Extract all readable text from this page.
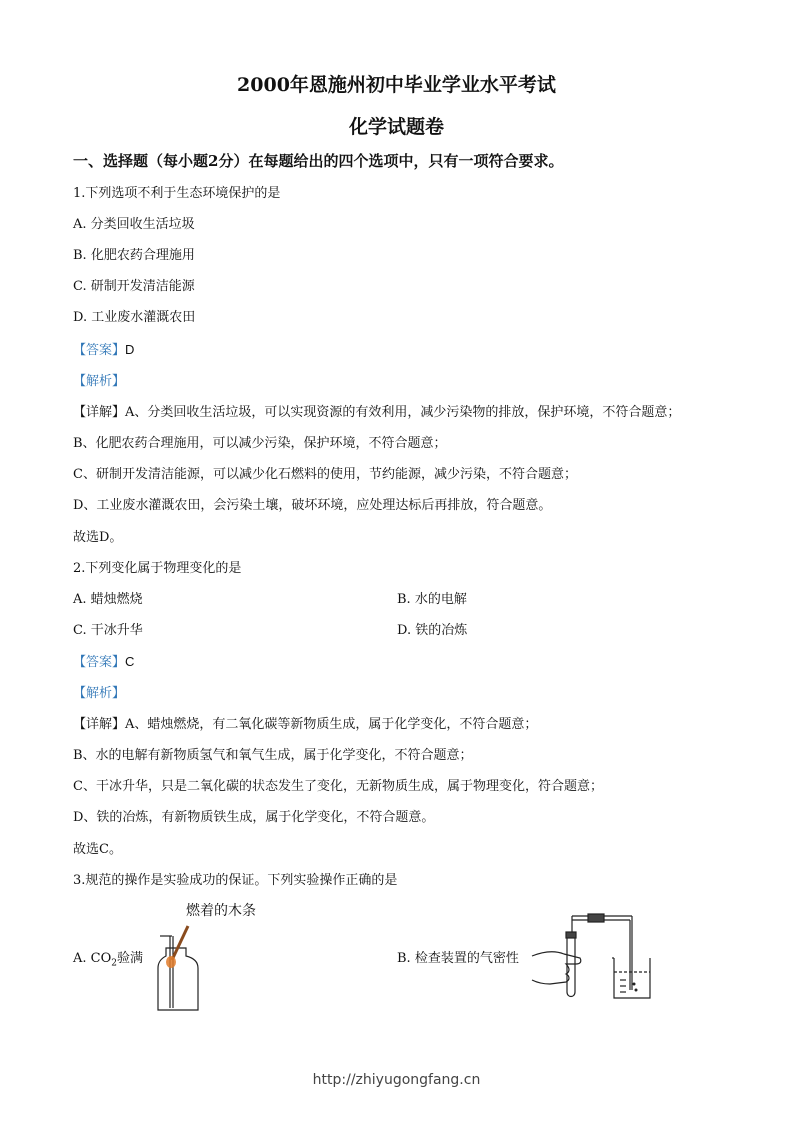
2000年恩施州初中毕业学业水平考试
化学试题卷
一、选择题（每小题2分）在每题给出的四个选项中，只有一项符合要求。
1.下列选项不利于生态环境保护的是
A. 分类回收生活垃圾
B. 化肥农药合理施用
C. 研制开发清洁能源
D. 工业废水灌溉农田
【答案】D
【解析】
【详解】A、分类回收生活垃圾，可以实现资源的有效利用，减少污染物的排放，保护环境，不符合题意；
B、化肥农药合理施用，可以减少污染，保护环境，不符合题意；
C、研制开发清洁能源，可以减少化石燃料的使用，节约能源，减少污染，不符合题意；
D、工业废水灌溉农田，会污染土壤，破坏环境，应处理达标后再排放，符合题意。
故选D。
2.下列变化属于物理变化的是
A. 蜡烛燃烧	B. 水的电解
C. 干冰升华	D. 铁的冶炼
【答案】C
【解析】
【详解】A、蜡烛燃烧，有二氧化碳等新物质生成，属于化学变化，不符合题意；
B、水的电解有新物质氢气和氧气生成，属于化学变化，不符合题意；
C、干冰升华，只是二氧化碳的状态发生了变化，无新物质生成，属于物理变化，符合题意；
D、铁的冶炼，有新物质铁生成，属于化学变化，不符合题意。
故选C。
3.规范的操作是实验成功的保证。下列实验操作正确的是
燃着的木条
A. $CO_2$验满	B. 检查装置的气密性
http://zhiyugongfang.cn
